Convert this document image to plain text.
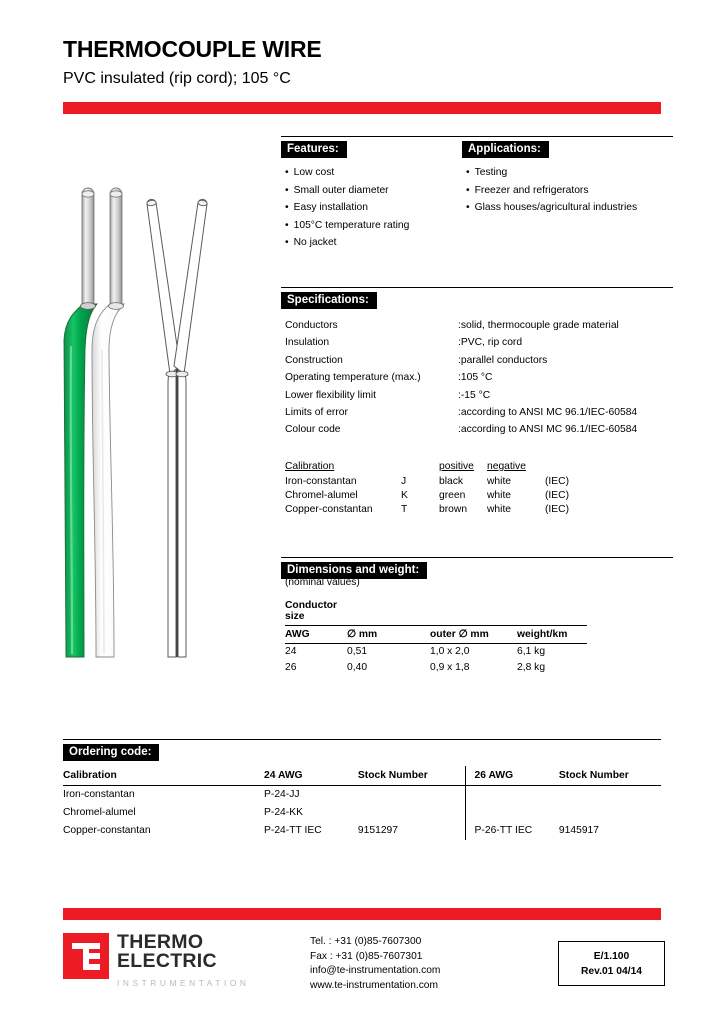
THERMOCOUPLE WIRE
PVC insulated (rip cord); 105 °C
Features:
• Low cost
• Small outer diameter
• Easy installation
• 105°C temperature rating
• No jacket
Applications:
• Testing
• Freezer and refrigerators
• Glass houses/agricultural industries
Specifications:
Conductors	:solid, thermocouple grade material
Insulation	:PVC, rip cord
Construction	:parallel conductors
Operating temperature (max.)	:105 °C
Lower flexibility limit	:-15 °C
Limits of error	:according to ANSI MC 96.1/IEC-60584
Colour code	:according to ANSI MC 96.1/IEC-60584
Calibration		positive	negative	
Iron-constantan	J	black	white	(IEC)
Chromel-alumel	K	green	white	(IEC)
Copper-constantan	T	brown	white	(IEC)
Dimensions and weight:
(nominal values)
Conductor size			
AWG	∅ mm	outer ∅ mm	weight/km
24	0,51	1,0 x 2,0	6,1 kg
26	0,40	0,9 x 1,8	2,8 kg
Ordering code:
Calibration	24 AWG	Stock Number	26 AWG	Stock Number
Iron-constantan	P-24-JJ			
Chromel-alumel	P-24-KK			
Copper-constantan	P-24-TT IEC	9151297	P-26-TT IEC	9145917
THERMO
ELECTRIC
INSTRUMENTATION
Tel. : +31 (0)85-7607300
Fax : +31 (0)85-7607301
info@te-instrumentation.com
www.te-instrumentation.com
E/1.100
Rev.01 04/14
